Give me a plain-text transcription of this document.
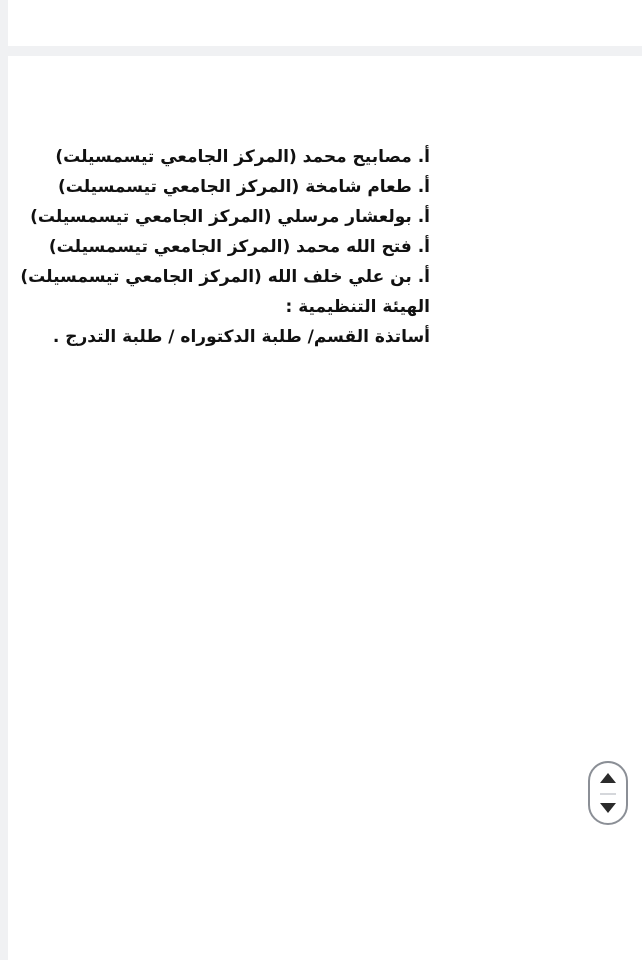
أ. مصابيح محمد (المركز الجامعي تيسمسيلت)
أ. طعام شامخة (المركز الجامعي تيسمسيلت)
أ. بولعشار مرسلي (المركز الجامعي تيسمسيلت)
أ. فتح الله محمد (المركز الجامعي تيسمسيلت)
أ. بن علي خلف الله (المركز الجامعي تيسمسيلت)
الهيئة التنظيمية :
أساتذة القسم/ طلبة الدكتوراه / طلبة التدرج .
